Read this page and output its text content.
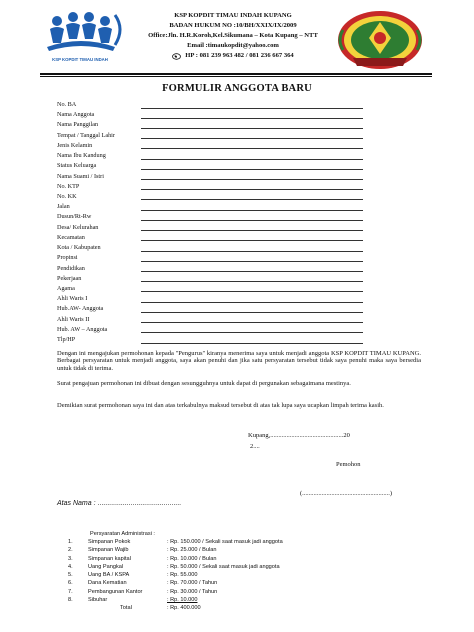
KSP KOPDIT TIMAU INDAH
KSP KOPDIT TIMAU INDAH KUPANG
BADAN HUKUM NO :10/BH/XXIX/IX/2009
Office:Jln. H.R.Koroh,Kel.Sikumana – Kota Kupang – NTT
Email :timaukopdit@yahoo.com
HP : 081 239 963 482 / 081 236 667 364
FORMULIR ANGGOTA BARU
No. BA
Nama Anggota
Nama Panggilan
Tempat / Tanggal Lahir
Jenis Kelamin
Nama Ibu Kandung
Status Keluarga
Nama Suami / Istri
No. KTP
No. KK
Jalan
Dusun/Rt-Rw
Desa/ Kelurahan
Kecamatan
Kota / Kabupaten
Propinsi
Pendidikan
Pekerjaan
Agama
Ahli Waris I
Hub.AW- Anggota
Ahli Waris II
Hub. AW – Anggota
Tlp/HP
Dengan ini mengajukan permohonan kepada "Pengurus" kiranya menerima saya untuk menjadi anggota KSP KOPDIT TIMAU KUPANG. Berbagai persyaratan untuk menjadi anggota, saya akan penuhi dan jika satu persyaratan tersebut tidak saya penuhi maka saya bersedia untuk tidak di terima.
Surat pengajuan permohonan ini dibuat dengan sesungguhnya untuk dapat di pergunakan sebagaimana mestinya.
Demikian surat permohonan saya ini dan atas terkabulnya maksud tersebut di atas tak lupa saya ucapkan limpah terima kasih.
Kupang,.............................................20
2....
Pemohon
(......................................................)
Atas Nama : ...........................................
Persyaratan Administrasi :
1.	Simpanan Pokok	: Rp. 150.000 / Sekali saat masuk jadi anggota
2.	Simpanan Wajib	: Rp. 25.000 / Bulan
3.	Simpanan kapital	: Rp. 10.000 / Bulan
4.	Uang Pangkal	: Rp. 50.000 / Sekali saat masuk jadi anggota
5.	Uang BA / KSPA	: Rp. 55.000
6.	Dana Kematian	: Rp. 70.000 / Tahun
7.	Pembangunan Kantor	: Rp. 30.000 / Tahun
8.	Sibuhar	: Rp. 10.000
Total	: Rp. 400.000
